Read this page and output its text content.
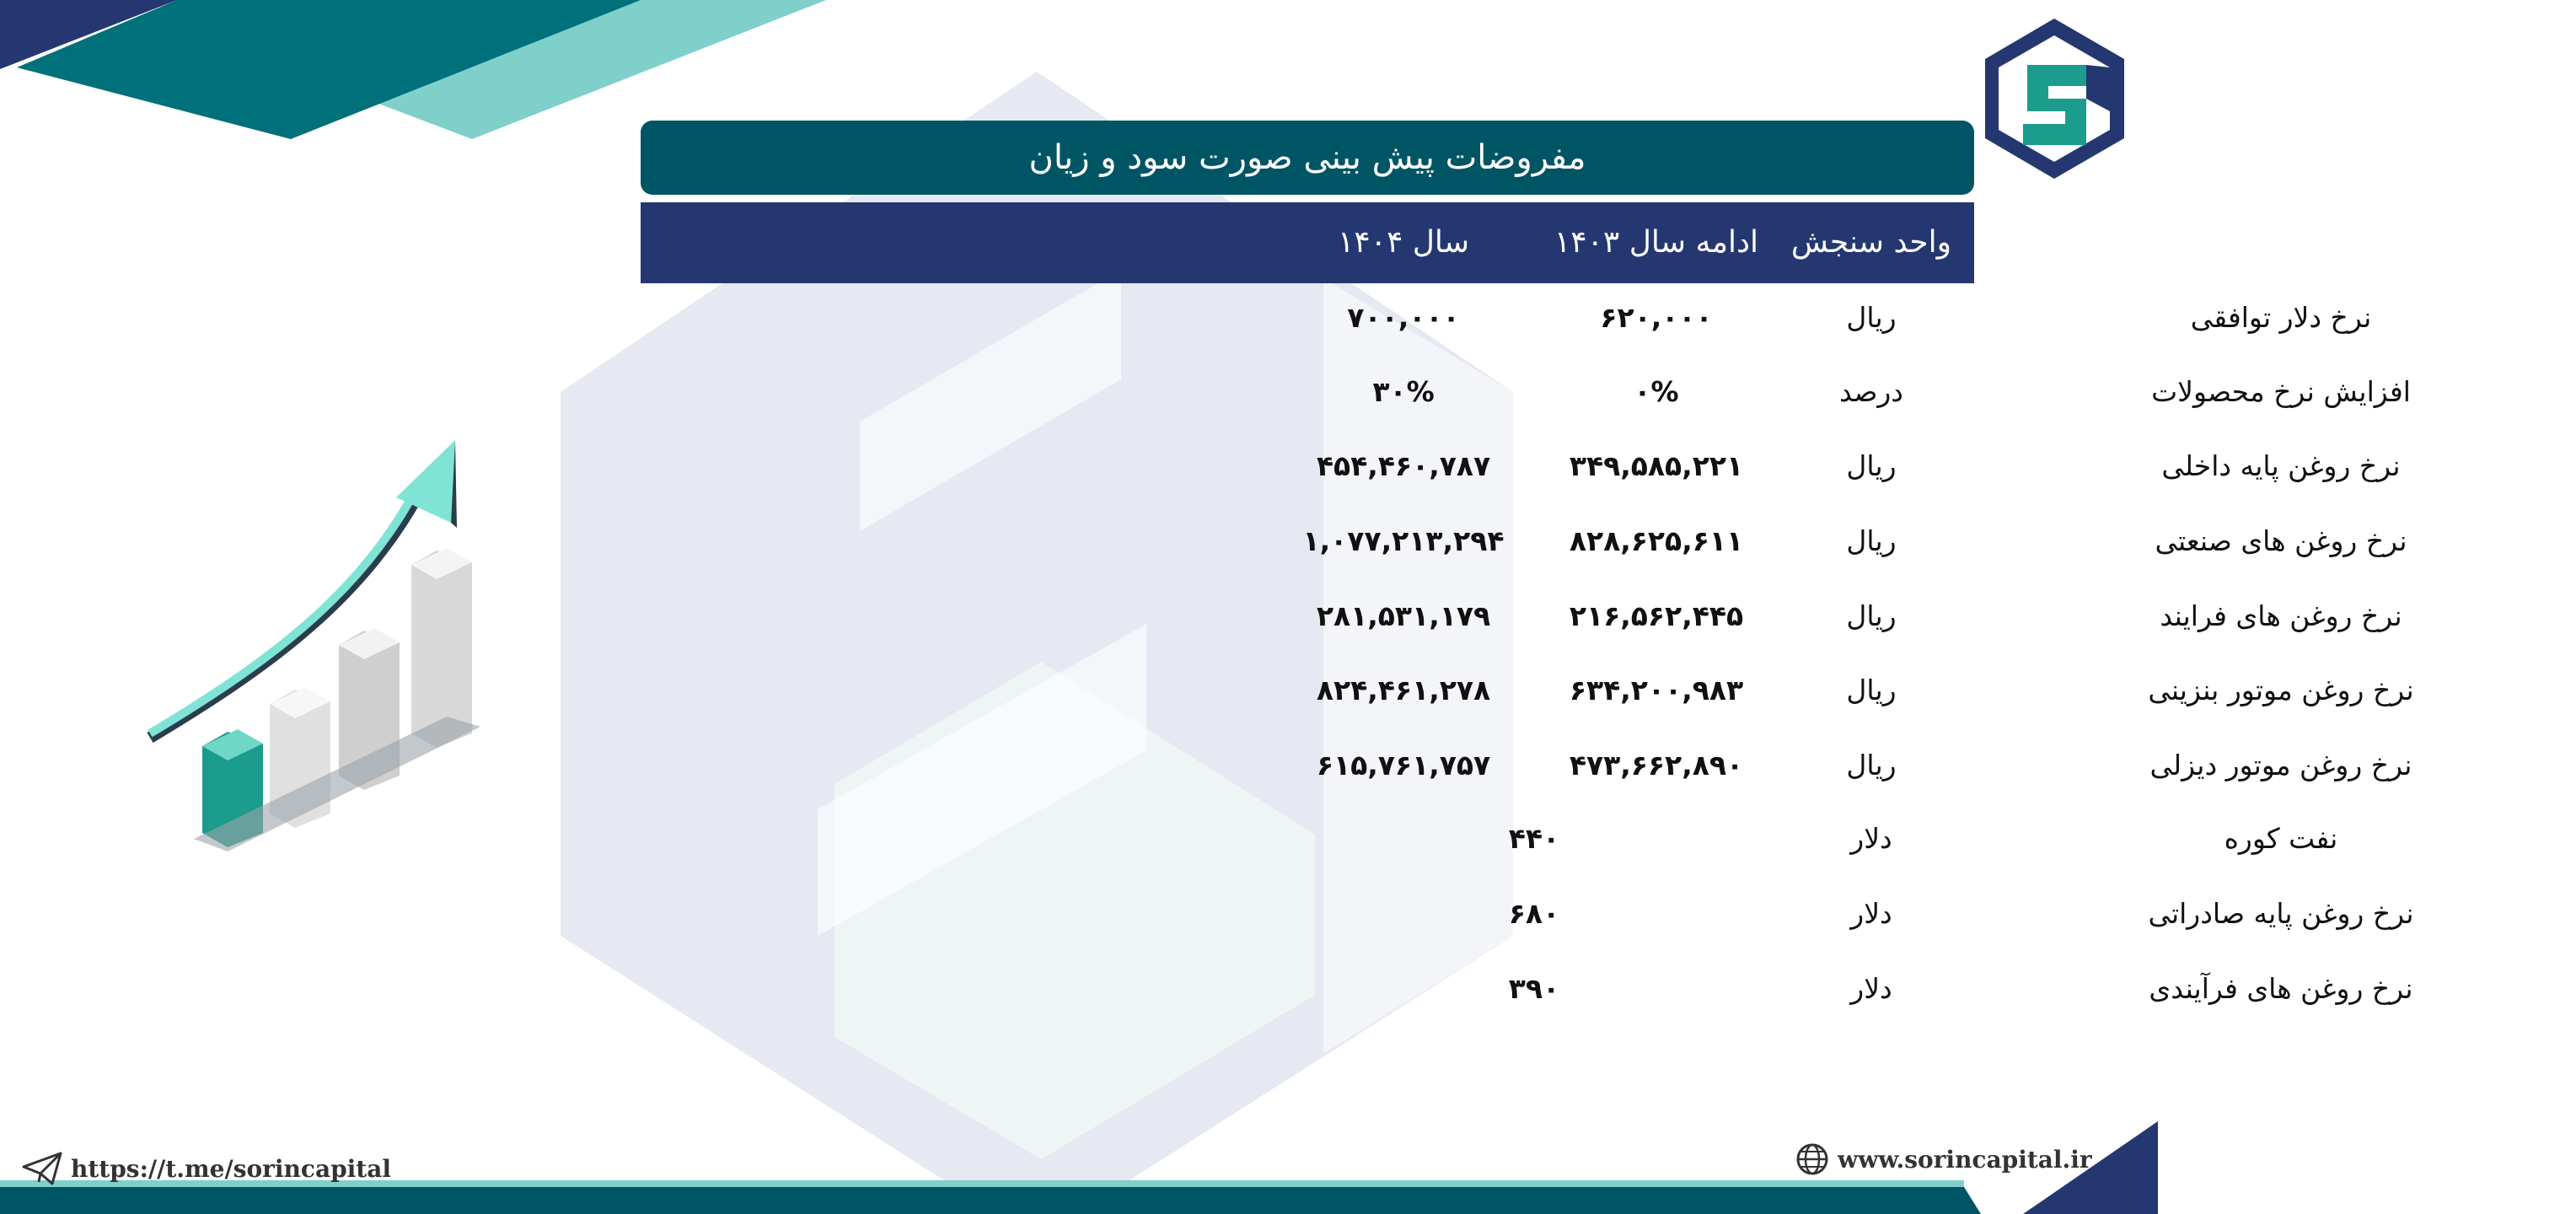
مفروضات پیش بینی صورت سود و زیان
شرح
واحد سنجش
ادامه سال ۱۴۰۳
سال ۱۴۰۴
نرخ دلار توافقی
ریال
۶۲۰,۰۰۰
۷۰۰,۰۰۰
افزایش نرخ محصولات
درصد
۰%
۳۰%
نرخ روغن پایه داخلی
ریال
۳۴۹,۵۸۵,۲۲۱
۴۵۴,۴۶۰,۷۸۷
نرخ روغن های صنعتی
ریال
۸۲۸,۶۲۵,۶۱۱
۱,۰۷۷,۲۱۳,۲۹۴
نرخ روغن های فرایند
ریال
۲۱۶,۵۶۲,۴۴۵
۲۸۱,۵۳۱,۱۷۹
نرخ روغن موتور بنزینی
ریال
۶۳۴,۲۰۰,۹۸۳
۸۲۴,۴۶۱,۲۷۸
نرخ روغن موتور دیزلی
ریال
۴۷۳,۶۶۲,۸۹۰
۶۱۵,۷۶۱,۷۵۷
نفت کوره
دلار
۴۴۰
نرخ روغن پایه صادراتی
دلار
۶۸۰
نرخ روغن های فرآیندی
دلار
۳۹۰
https://t.me/sorincapital	www.sorincapital.ir
